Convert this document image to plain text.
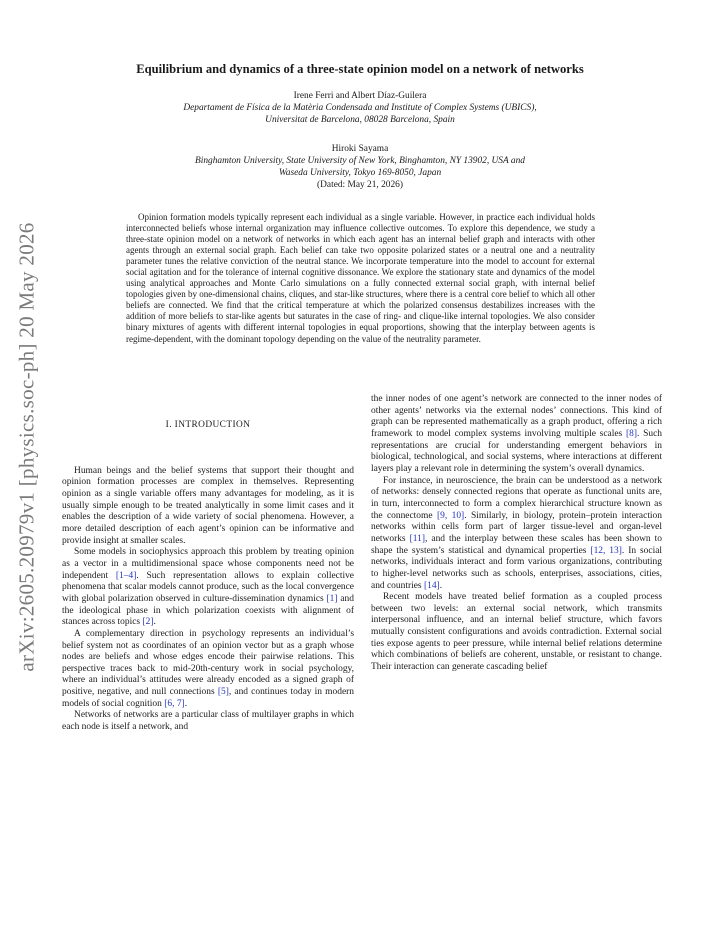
arXiv:2605.20979v1 [physics.soc-ph] 20 May 2026
Equilibrium and dynamics of a three-state opinion model on a network of networks
Irene Ferri and Albert Díaz-Guilera
Departament de Física de la Matèria Condensada and Institute of Complex Systems (UBICS),
Universitat de Barcelona, 08028 Barcelona, Spain
Hiroki Sayama
Binghamton University, State University of New York, Binghamton, NY 13902, USA and
Waseda University, Tokyo 169-8050, Japan
(Dated: May 21, 2026)
Opinion formation models typically represent each individual as a single variable. However, in practice each individual holds interconnected beliefs whose internal organization may influence collective outcomes. To explore this dependence, we study a three-state opinion model on a network of networks in which each agent has an internal belief graph and interacts with other agents through an external social graph. Each belief can take two opposite polarized states or a neutral one and a neutrality parameter tunes the relative conviction of the neutral stance. We incorporate temperature into the model to account for external social agitation and for the tolerance of internal cognitive dissonance. We explore the stationary state and dynamics of the model using analytical approaches and Monte Carlo simulations on a fully connected external social graph, with internal belief topologies given by one-dimensional chains, cliques, and star-like structures, where there is a central core belief to which all other beliefs are connected. We find that the critical temperature at which the polarized consensus destabilizes increases with the addition of more beliefs to star-like agents but saturates in the case of ring- and clique-like internal topologies. We also consider binary mixtures of agents with different internal topologies in equal proportions, showing that the interplay between agents is regime-dependent, with the dominant topology depending on the value of the neutrality parameter.
I. INTRODUCTION

Human beings and the belief systems that support their thought and opinion formation processes are complex in themselves. Representing opinion as a single variable offers many advantages for modeling, as it is usually simple enough to be treated analytically in some limit cases and it enables the description of a wide variety of social phenomena. However, a more detailed description of each agent’s opinion can be informative and provide insight at smaller scales.

Some models in sociophysics approach this problem by treating opinion as a vector in a multidimensional space whose components need not be independent [1–4]. Such representation allows to explain collective phenomena that scalar models cannot produce, such as the local convergence with global polarization observed in culture-dissemination dynamics [1] and the ideological phase in which polarization coexists with alignment of stances across topics [2].

A complementary direction in psychology represents an individual’s belief system not as coordinates of an opinion vector but as a graph whose nodes are beliefs and whose edges encode their pairwise relations. This perspective traces back to mid-20th-century work in social psychology, where an individual’s attitudes were already encoded as a signed graph of positive, negative, and null connections [5], and continues today in modern models of social cognition [6, 7].

Networks of networks are a particular class of multilayer graphs in which each node is itself a network, and

the inner nodes of one agent’s network are connected to the inner nodes of other agents’ networks via the external nodes’ connections. This kind of graph can be represented mathematically as a graph product, offering a rich framework to model complex systems involving multiple scales [8]. Such representations are crucial for understanding emergent behaviors in biological, technological, and social systems, where interactions at different layers play a relevant role in determining the system’s overall dynamics.

For instance, in neuroscience, the brain can be understood as a network of networks: densely connected regions that operate as functional units are, in turn, interconnected to form a complex hierarchical structure known as the connectome [9, 10]. Similarly, in biology, protein–protein interaction networks within cells form part of larger tissue-level and organ-level networks [11], and the interplay between these scales has been shown to shape the system’s statistical and dynamical properties [12, 13]. In social networks, individuals interact and form various organizations, contributing to higher-level networks such as schools, enterprises, associations, cities, and countries [14].

Recent models have treated belief formation as a coupled process between two levels: an external social network, which transmits interpersonal influence, and an internal belief structure, which favors mutually consistent configurations and avoids contradiction. External social ties expose agents to peer pressure, while internal belief relations determine which combinations of beliefs are coherent, unstable, or resistant to change. Their interaction can generate cascading belief
